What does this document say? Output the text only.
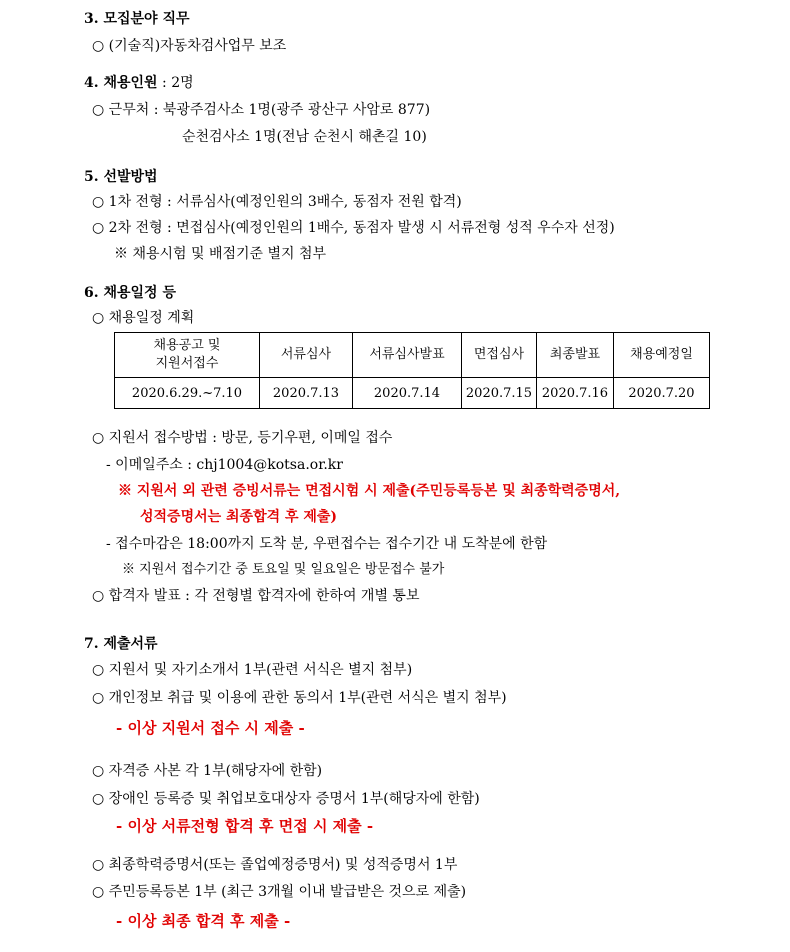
3. 모집분야 직무
○ (기술직)자동차검사업무 보조
4. 채용인원 : 2명
○ 근무처 : 북광주검사소 1명(광주 광산구 사암로 877)
순천검사소 1명(전남 순천시 해촌길 10)
5. 선발방법
○ 1차 전형 : 서류심사(예정인원의 3배수, 동점자 전원 합격)
○ 2차 전형 : 면접심사(예정인원의 1배수, 동점자 발생 시 서류전형 성적 우수자 선정)
※ 채용시험 및 배점기준 별지 첨부
6. 채용일정 등
○ 채용일정 계획
채용공고 및
지원서접수	서류심사	서류심사발표	면접심사	최종발표	채용예정일
2020.6.29.~7.10	2020.7.13	2020.7.14	2020.7.15	2020.7.16	2020.7.20
○ 지원서 접수방법 : 방문, 등기우편, 이메일 접수
- 이메일주소 : chj1004@kotsa.or.kr
※ 지원서 외 관련 증빙서류는 면접시험 시 제출(주민등록등본 및 최종학력증명서,
성적증명서는 최종합격 후 제출)
- 접수마감은 18:00까지 도착 분, 우편접수는 접수기간 내 도착분에 한함
※ 지원서 접수기간 중 토요일 및 일요일은 방문접수 불가
○ 합격자 발표 : 각 전형별 합격자에 한하여 개별 통보
7. 제출서류
○ 지원서 및 자기소개서 1부(관련 서식은 별지 첨부)
○ 개인정보 취급 및 이용에 관한 동의서 1부(관련 서식은 별지 첨부)
- 이상 지원서 접수 시 제출 -
○ 자격증 사본 각 1부(해당자에 한함)
○ 장애인 등록증 및 취업보호대상자 증명서 1부(해당자에 한함)
- 이상 서류전형 합격 후 면접 시 제출 -
○ 최종학력증명서(또는 졸업예정증명서) 및 성적증명서 1부
○ 주민등록등본 1부 (최근 3개월 이내 발급받은 것으로 제출)
- 이상 최종 합격 후 제출 -
